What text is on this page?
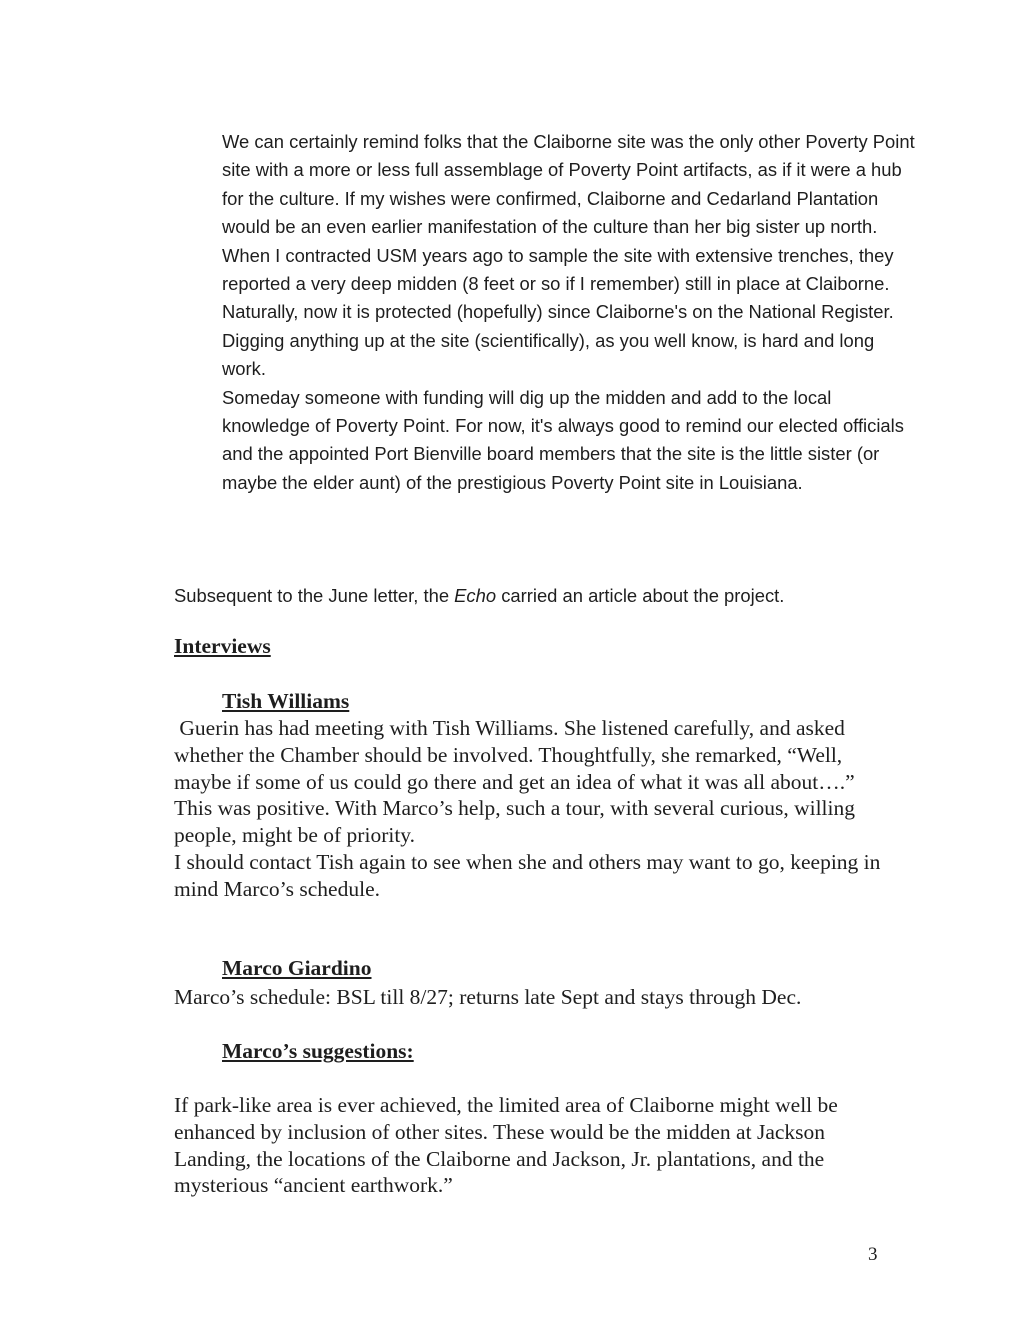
We can certainly remind folks that the Claiborne site was the only other Poverty Point site with a more or less full assemblage of Poverty Point artifacts, as if it were a hub for the culture. If my wishes were confirmed, Claiborne and Cedarland Plantation would be an even earlier manifestation of the culture than her big sister up north.

When I contracted USM years ago to sample the site with extensive trenches, they reported a very deep midden (8 feet or so if I remember) still in place at Claiborne. Naturally, now it is protected (hopefully) since Claiborne's on the National Register. Digging anything up at the site (scientifically), as you well know, is hard and long work.

Someday someone with funding will dig up the midden and add to the local knowledge of Poverty Point. For now, it's always good to remind our elected officials and the appointed Port Bienville board members that the site is the little sister (or maybe the elder aunt) of the prestigious Poverty Point site in Louisiana.

Subsequent to the June letter, the Echo carried an article about the project.

Interviews
Tish Williams

Guerin has had meeting with Tish Williams. She listened carefully, and asked whether the Chamber should be involved. Thoughtfully, she remarked, “Well, maybe if some of us could go there and get an idea of what it was all about….”

This was positive. With Marco’s help, such a tour, with several curious, willing people, might be of priority.

I should contact Tish again to see when she and others may want to go, keeping in mind Marco’s schedule.

Marco Giardino

Marco’s schedule: BSL till 8/27; returns late Sept and stays through Dec.

Marco’s suggestions:

If park-like area is ever achieved, the limited area of Claiborne might well be enhanced by inclusion of other sites. These would be the midden at Jackson Landing, the locations of the Claiborne and Jackson, Jr. plantations, and the mysterious “ancient earthwork.”

3
